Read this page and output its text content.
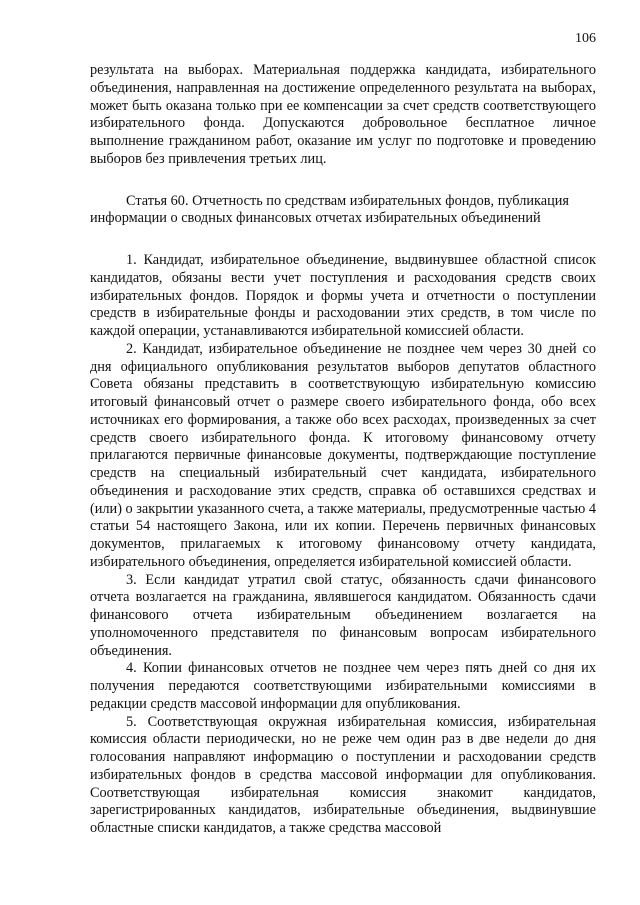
106

результата на выборах. Материальная поддержка кандидата, избирательного объединения, направленная на достижение определенного результата на выборах, может быть оказана только при ее компенсации за счет средств соответствующего избирательного фонда. Допускаются добровольное бесплатное личное выполнение гражданином работ, оказание им услуг по подготовке и проведению выборов без привлечения третьих лиц.

Статья 60. Отчетность по средствам избирательных фондов, публикация информации о сводных финансовых отчетах избирательных объединений

1. Кандидат, избирательное объединение, выдвинувшее областной список кандидатов, обязаны вести учет поступления и расходования средств своих избирательных фондов. Порядок и формы учета и отчетности о поступлении средств в избирательные фонды и расходовании этих средств, в том числе по каждой операции, устанавливаются избирательной комиссией области.

2. Кандидат, избирательное объединение не позднее чем через 30 дней со дня официального опубликования результатов выборов депутатов областного Совета обязаны представить в соответствующую избирательную комиссию итоговый финансовый отчет о размере своего избирательного фонда, обо всех источниках его формирования, а также обо всех расходах, произведенных за счет средств своего избирательного фонда. К итоговому финансовому отчету прилагаются первичные финансовые документы, подтверждающие поступление средств на специальный избирательный счет кандидата, избирательного объединения и расходование этих средств, справка об оставшихся средствах и (или) о закрытии указанного счета, а также материалы, предусмотренные частью 4 статьи 54 настоящего Закона, или их копии. Перечень первичных финансовых документов, прилагаемых к итоговому финансовому отчету кандидата, избирательного объединения, определяется избирательной комиссией области.

3. Если кандидат утратил свой статус, обязанность сдачи финансового отчета возлагается на гражданина, являвшегося кандидатом. Обязанность сдачи финансового отчета избирательным объединением возлагается на уполномоченного представителя по финансовым вопросам избирательного объединения.

4. Копии финансовых отчетов не позднее чем через пять дней со дня их получения передаются соответствующими избирательными комиссиями в редакции средств массовой информации для опубликования.

5. Соответствующая окружная избирательная комиссия, избирательная комиссия области периодически, но не реже чем один раз в две недели до дня голосования направляют информацию о поступлении и расходовании средств избирательных фондов в средства массовой информации для опубликования. Соответствующая избирательная комиссия знакомит кандидатов, зарегистрированных кандидатов, избирательные объединения, выдвинувшие областные списки кандидатов, а также средства массовой
